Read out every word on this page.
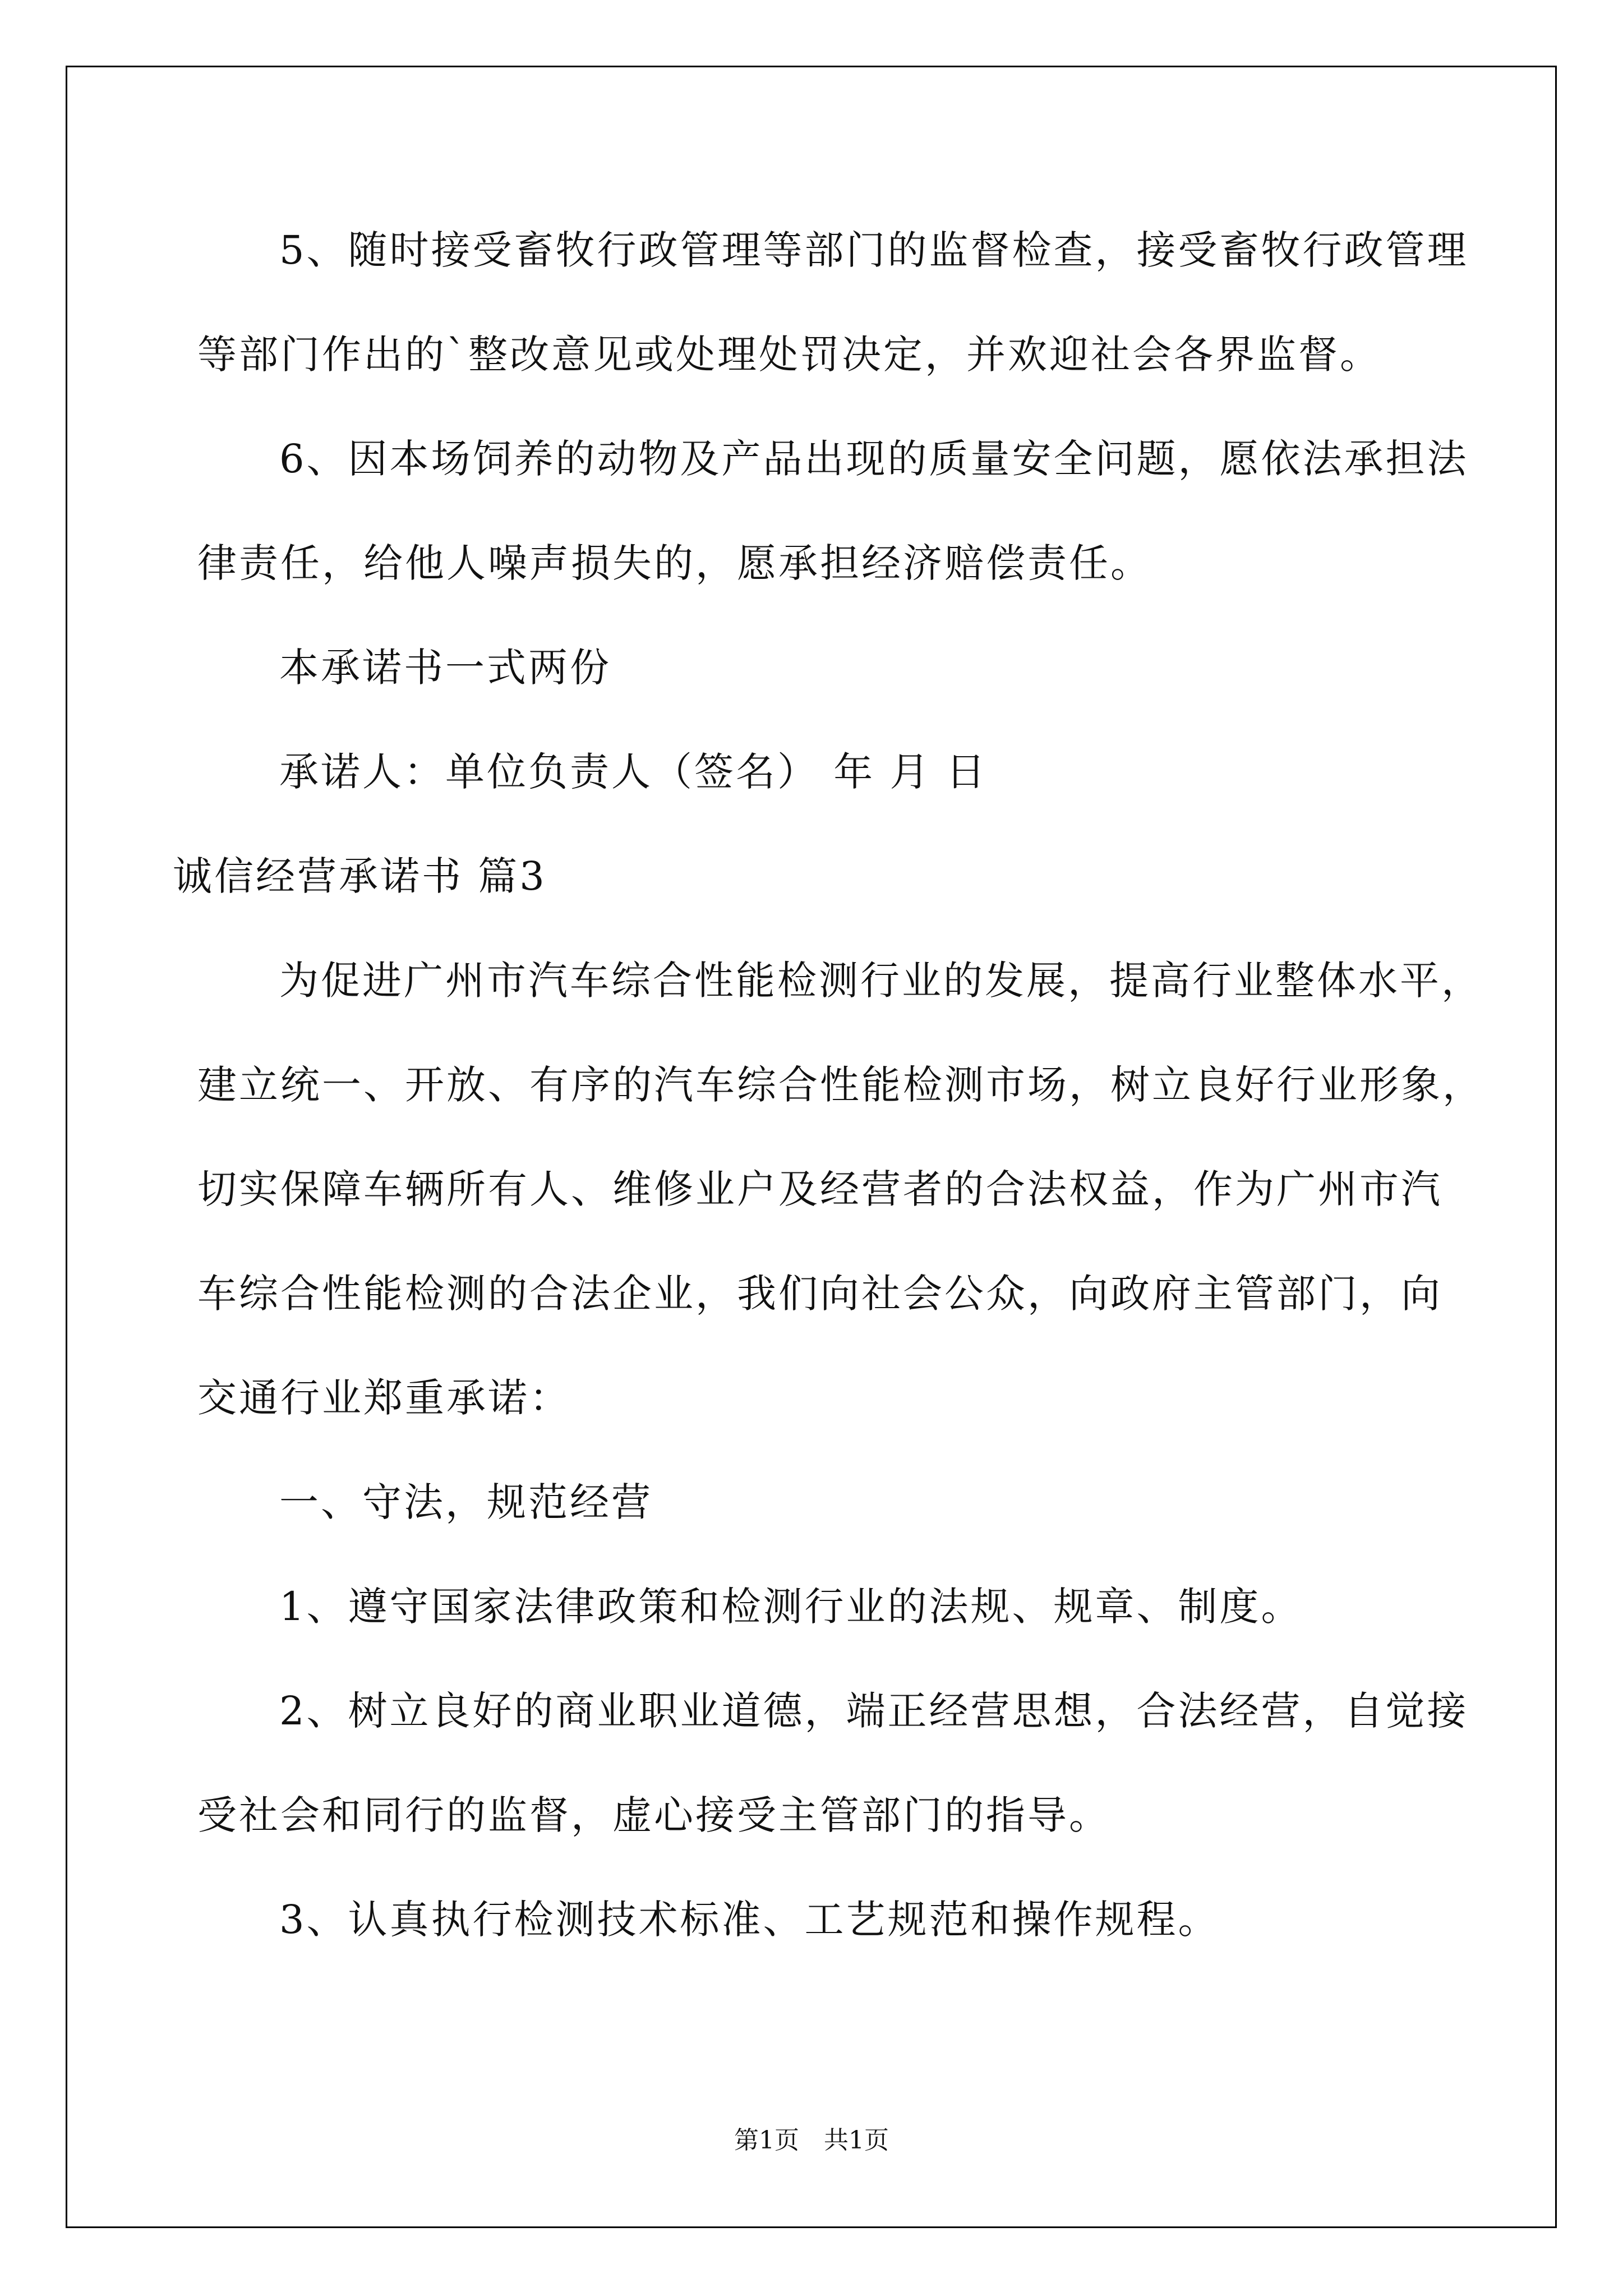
5、随时接受畜牧行政管理等部门的监督检查，接受畜牧行政管理
等部门作出的`整改意见或处理处罚决定，并欢迎社会各界监督。
6、因本场饲养的动物及产品出现的质量安全问题，愿依法承担法
律责任，给他人噪声损失的，愿承担经济赔偿责任。
本承诺书一式两份
承诺人：单位负责人（签名） 年 月 日
诚信经营承诺书 篇3
为促进广州市汽车综合性能检测行业的发展，提高行业整体水平，
建立统一、开放、有序的汽车综合性能检测市场，树立良好行业形象，
切实保障车辆所有人、维修业户及经营者的合法权益，作为广州市汽
车综合性能检测的合法企业，我们向社会公众，向政府主管部门，向
交通行业郑重承诺：
一、守法，规范经营
1、遵守国家法律政策和检测行业的法规、规章、制度。
2、树立良好的商业职业道德，端正经营思想，合法经营，自觉接
受社会和同行的监督，虚心接受主管部门的指导。
3、认真执行检测技术标准、工艺规范和操作规程。
第1页　共1页
